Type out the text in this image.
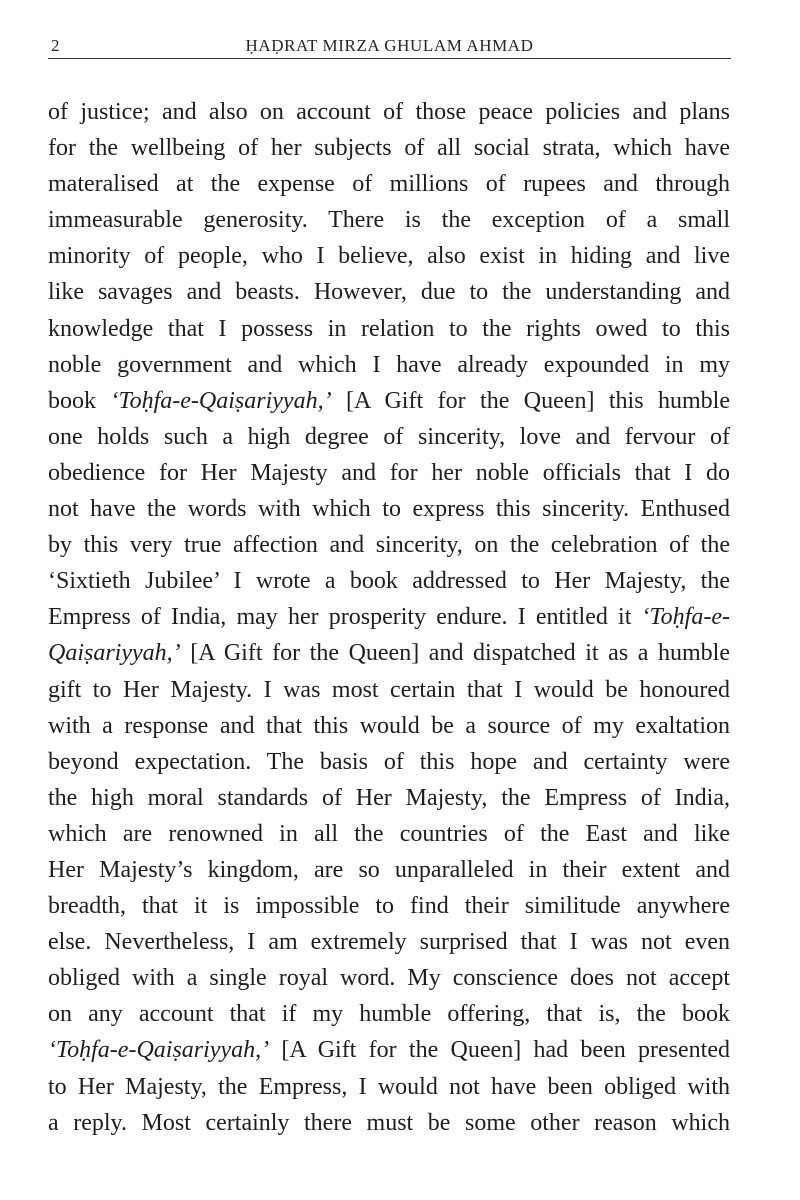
2	ḤAḌRAT MIRZA GHULAM AHMAD
of justice; and also on account of those peace policies and plans
for the wellbeing of her subjects of all social strata, which have
materalised at the expense of millions of rupees and through
immeasurable generosity. There is the exception of a small
minority of people, who I believe, also exist in hiding and live
like savages and beasts. However, due to the understanding and
knowledge that I possess in relation to the rights owed to this
noble government and which I have already expounded in my
book ‘Toḥfa-e-Qaiṣariyyah,’ [A Gift for the Queen] this humble
one holds such a high degree of sincerity, love and fervour of
obedience for Her Majesty and for her noble officials that I do
not have the words with which to express this sincerity. Enthused
by this very true affection and sincerity, on the celebration of the
‘Sixtieth Jubilee’ I wrote a book addressed to Her Majesty, the
Empress of India, may her prosperity endure. I entitled it ‘Toḥfa-e-
Qaiṣariyyah,’ [A Gift for the Queen] and dispatched it as a humble
gift to Her Majesty. I was most certain that I would be honoured
with a response and that this would be a source of my exaltation
beyond expectation. The basis of this hope and certainty were
the high moral standards of Her Majesty, the Empress of India,
which are renowned in all the countries of the East and like
Her Majesty’s kingdom, are so unparalleled in their extent and
breadth, that it is impossible to find their similitude anywhere
else. Nevertheless, I am extremely surprised that I was not even
obliged with a single royal word. My conscience does not accept
on any account that if my humble offering, that is, the book
‘Toḥfa-e-Qaiṣariyyah,’ [A Gift for the Queen] had been presented
to Her Majesty, the Empress, I would not have been obliged with
a reply. Most certainly there must be some other reason which
